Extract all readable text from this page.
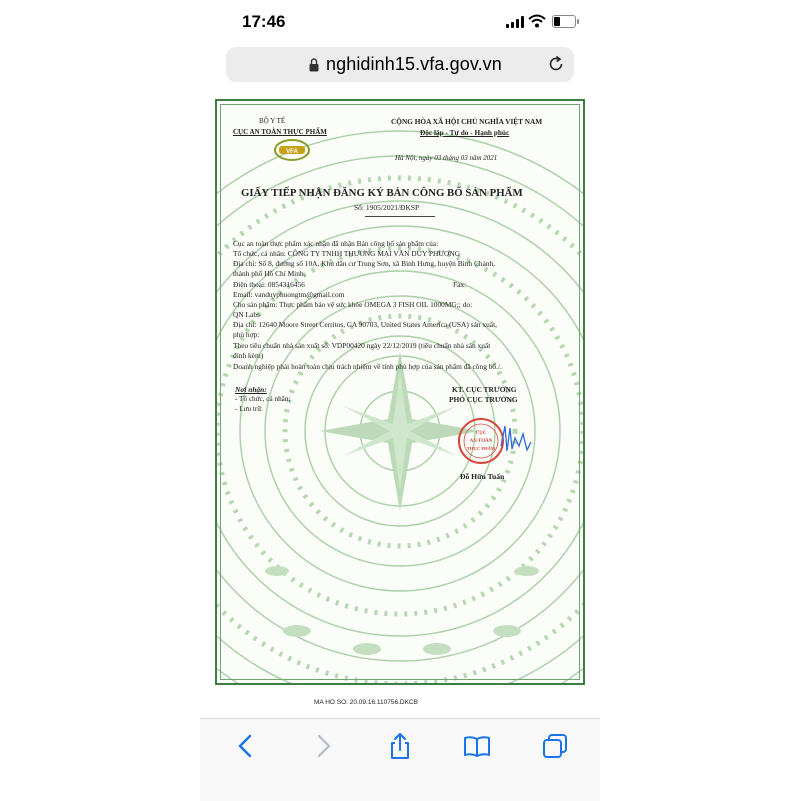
17:46
nghidinh15.vfa.gov.vn
BỘ Y TẾ
CỤC AN TOÀN THỰC PHẨM
VFA
CỘNG HÒA XÃ HỘI CHỦ NGHĨA VIỆT NAM
Độc lập - Tự do - Hạnh phúc
Hà Nội, ngày 03 tháng 03 năm 2021
GIẤY TIẾP NHẬN ĐĂNG KÝ BẢN CÔNG BỐ SẢN PHẨM
Số: 1905/2021/ĐKSP
Cục an toàn thực phẩm xác nhận đã nhận Bản công bố sản phẩm của:
Tổ chức, cá nhân: CÔNG TY TNHH THƯƠNG MẠI VĂN DUY PHƯƠNG
Địa chỉ: Số 8, đường số 10A, Khu dân cư Trung Sơn, xã Bình Hưng, huyện Bình Chánh,
thành phố Hồ Chí Minh.
Điện thoại: 0854316456	Fax:
Email: vanduyphuongtm@gmail.com
Cho sản phẩm: Thực phẩm bảo vệ sức khỏe OMEGA 3 FISH OIL 1000MG;; do:
QN Labs
Địa chỉ: 12640 Moore Street Cerritos, CA 90703, United States America (USA) sản xuất,
phù hợp:
Theo tiêu chuẩn nhà sản xuất số: VDP00420 ngày 22/12/2019 (tiêu chuẩn nhà sản xuất
đính kèm)
Doanh nghiệp phải hoàn toàn chịu trách nhiệm về tính phù hợp của sản phẩm đã công bố./.
Nơi nhận:
- Tổ chức, cá nhân;
- Lưu trữ.
KT. CỤC TRƯỞNG
PHÓ CỤC TRƯỞNG
CỤC
AN TOÀN
THỰC PHẨM
Đỗ Hữu Tuấn
MA HO SO: 20.09.16.110756.DKCB
